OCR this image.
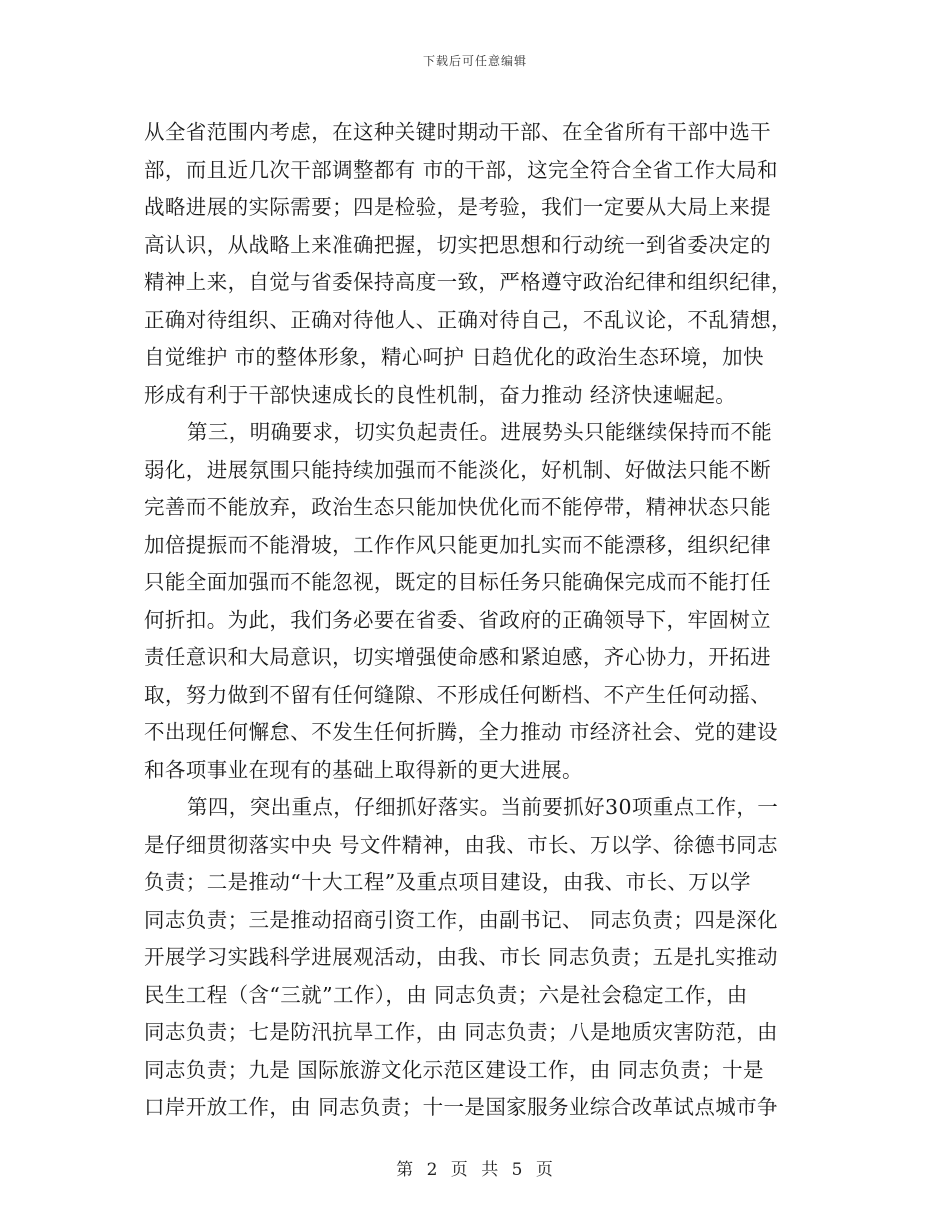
下载后可任意编辑
从全省范围内考虑，在这种关键时期动干部、在全省所有干部中选干
部，而且近几次干部调整都有 市的干部，这完全符合全省工作大局和
战略进展的实际需要；四是检验，是考验，我们一定要从大局上来提
高认识，从战略上来准确把握，切实把思想和行动统一到省委决定的
精神上来，自觉与省委保持高度一致，严格遵守政治纪律和组织纪律，
正确对待组织、正确对待他人、正确对待自己，不乱议论，不乱猜想，
自觉维护 市的整体形象，精心呵护 日趋优化的政治生态环境，加快
形成有利于干部快速成长的良性机制，奋力推动 经济快速崛起。
第三，明确要求，切实负起责任。进展势头只能继续保持而不能
弱化，进展氛围只能持续加强而不能淡化，好机制、好做法只能不断
完善而不能放弃，政治生态只能加快优化而不能停带，精神状态只能
加倍提振而不能滑坡，工作作风只能更加扎实而不能漂移，组织纪律
只能全面加强而不能忽视，既定的目标任务只能确保完成而不能打任
何折扣。为此，我们务必要在省委、省政府的正确领导下，牢固树立
责任意识和大局意识，切实增强使命感和紧迫感，齐心协力，开拓进
取，努力做到不留有任何缝隙、不形成任何断档、不产生任何动摇、
不出现任何懈怠、不发生任何折腾，全力推动 市经济社会、党的建设
和各项事业在现有的基础上取得新的更大进展。
第四，突出重点，仔细抓好落实。当前要抓好30项重点工作，一
是仔细贯彻落实中央 号文件精神，由我、市长、万以学、徐德书同志
负责；二是推动“十大工程”及重点项目建设，由我、市长、万以学
同志负责；三是推动招商引资工作，由副书记、 同志负责；四是深化
开展学习实践科学进展观活动，由我、市长 同志负责；五是扎实推动
民生工程（含“三就”工作），由 同志负责；六是社会稳定工作，由
同志负责；七是防汛抗旱工作，由 同志负责；八是地质灾害防范，由
同志负责；九是 国际旅游文化示范区建设工作，由 同志负责；十是
口岸开放工作，由 同志负责；十一是国家服务业综合改革试点城市争
第 2 页 共 5 页
